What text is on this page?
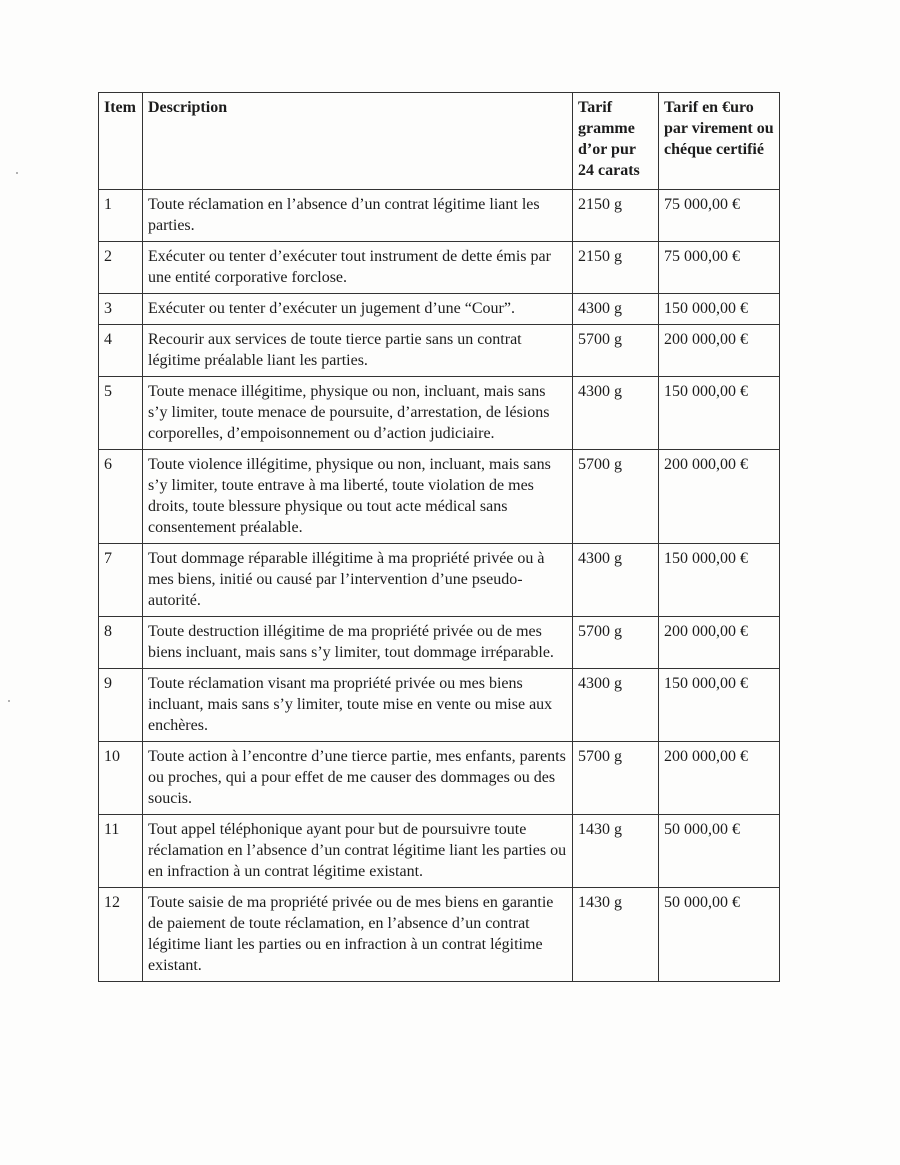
Item	Description	Tarif gramme d’or pur 24 carats	Tarif en €uro par virement ou chéque certifié
1	Toute réclamation en l’absence d’un contrat légitime liant les parties.	2150 g	75 000,00 €
2	Exécuter ou tenter d’exécuter tout instrument de dette émis par une entité corporative forclose.	2150 g	75 000,00 €
3	Exécuter ou tenter d’exécuter un jugement d’une “Cour”.	4300 g	150 000,00 €
4	Recourir aux services de toute tierce partie sans un contrat légitime préalable liant les parties.	5700 g	200 000,00 €
5	Toute menace illégitime, physique ou non, incluant, mais sans s’y limiter, toute menace de poursuite, d’arrestation, de lésions corporelles, d’empoisonnement ou d’action judiciaire.	4300 g	150 000,00 €
6	Toute violence illégitime, physique ou non, incluant, mais sans s’y limiter, toute entrave à ma liberté, toute violation de mes droits, toute blessure physique ou tout acte médical sans consentement préalable.	5700 g	200 000,00 €
7	Tout dommage réparable illégitime à ma propriété privée ou à mes biens, initié ou causé par l’intervention d’une pseudo-autorité.	4300 g	150 000,00 €
8	Toute destruction illégitime de ma propriété privée ou de mes biens incluant, mais sans s’y limiter, tout dommage irréparable.	5700 g	200 000,00 €
9	Toute réclamation visant ma propriété privée ou mes biens incluant, mais sans s’y limiter, toute mise en vente ou mise aux enchères.	4300 g	150 000,00 €
10	Toute action à l’encontre d’une tierce partie, mes enfants, parents ou proches, qui a pour effet de me causer des dommages ou des soucis.	5700 g	200 000,00 €
11	Tout appel téléphonique ayant pour but de poursuivre toute réclamation en l’absence d’un contrat légitime liant les parties ou en infraction à un contrat légitime existant.	1430 g	50 000,00 €
12	Toute saisie de ma propriété privée ou de mes biens en garantie de paiement de toute réclamation, en l’absence d’un contrat légitime liant les parties ou en infraction à un contrat légitime existant.	1430 g	50 000,00 €
